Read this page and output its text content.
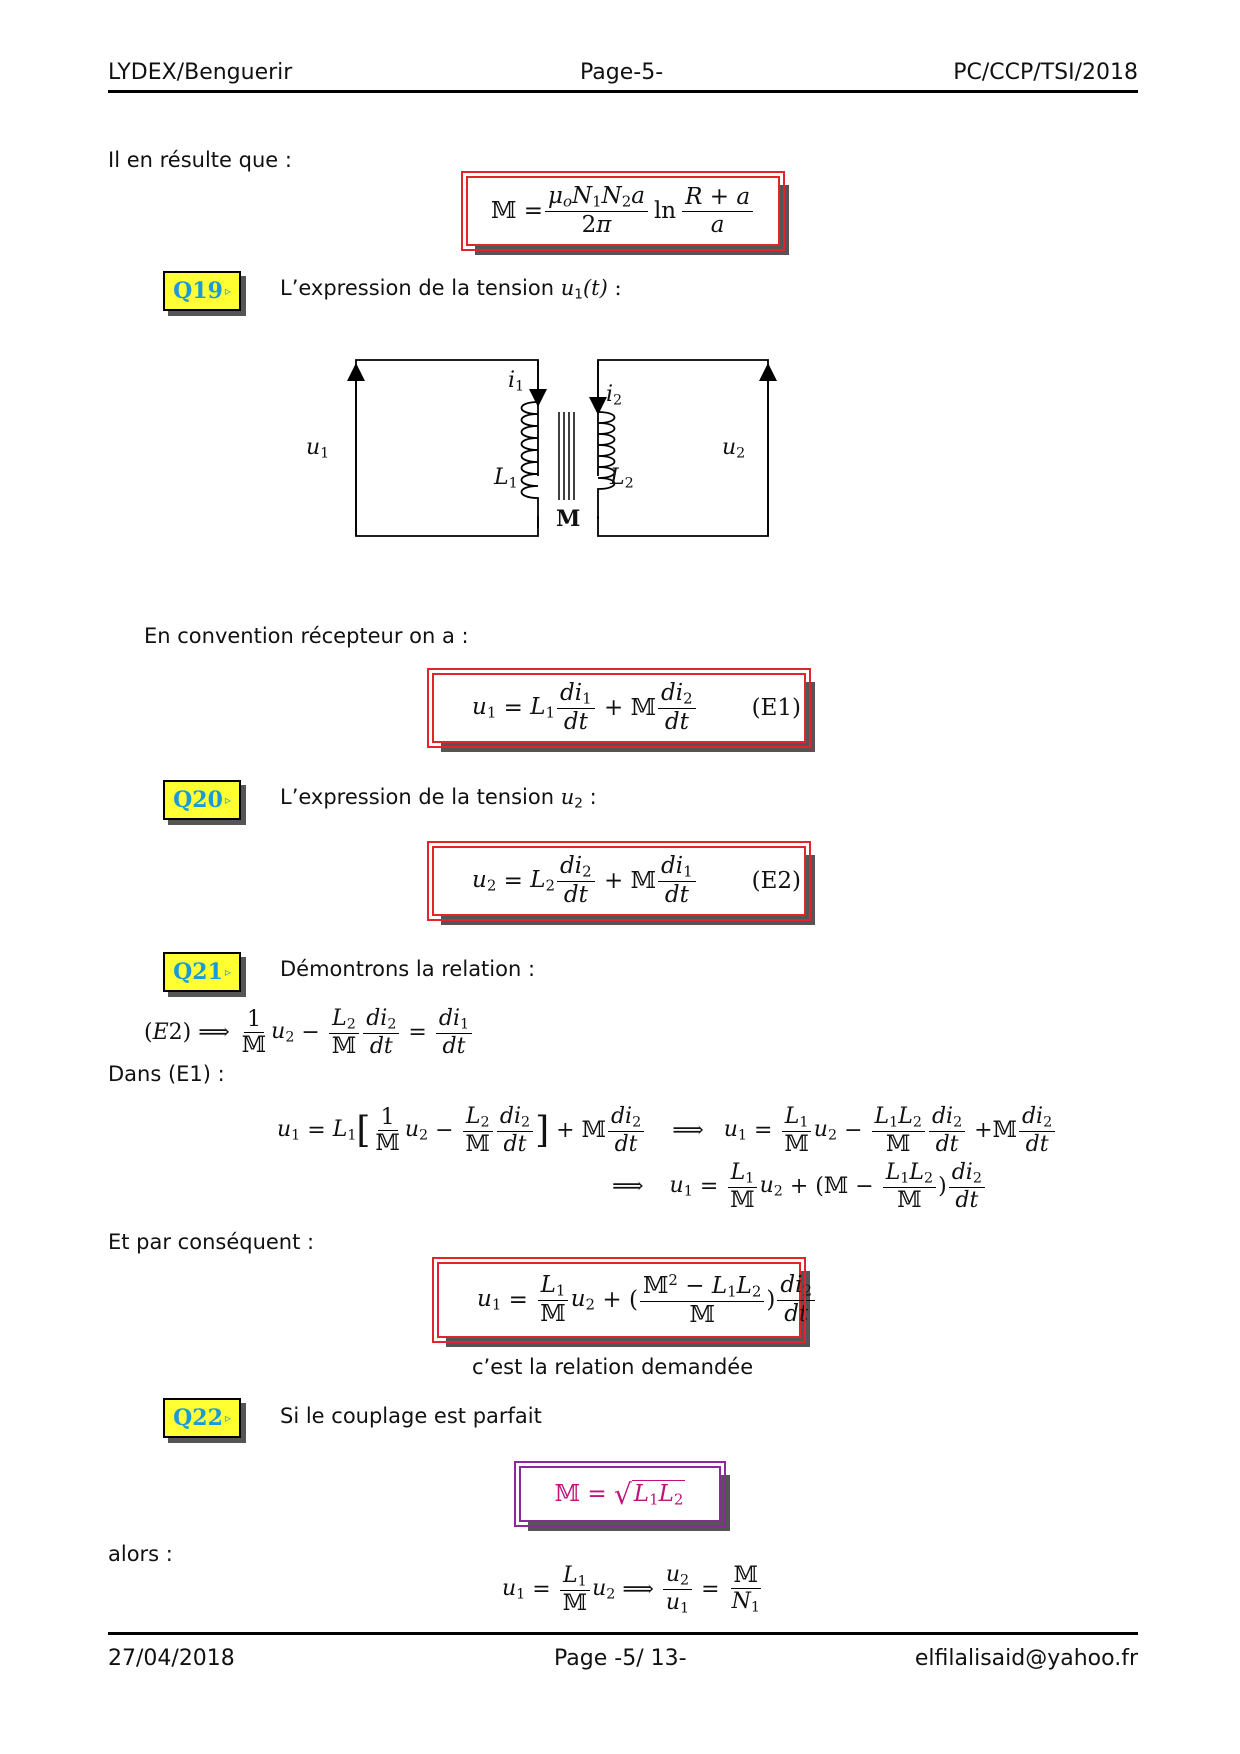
LYDEX/Benguerir	Page-5-	PC/CCP/TSI/2018
Il en résulte que :
𝕄 = $\frac{\mu_oN_1N_2a}{2\pi}$ $\ln \frac{R + a}{a}$
Q19 ▹ L’expression de la tension $u_1(t)$ :
$i_1$	$i_2$
$u_1$	$u_2$
$L_1$	$L_2$
M
En convention récepteur on a :
$u_1 = L_1 \frac{di_1}{dt}$ + 𝕄 $\frac{di_2}{dt} (E1)$
Q20 ▹ L’expression de la tension $u_2$ :
$u_2 = L_2 \frac{di_2}{dt}$ + 𝕄 $\frac{di_1}{dt} (E2)$
Q21 ▹ Démontrons la relation :
(E2) ⟹ $\frac{1}{\text{𝕄}} u_2 - \frac{L_2}{\text{𝕄}} \frac{di_2}{dt} = \frac{di_1}{dt}$
Dans (E1) :
$u_1 = L_1$ [ $\frac{1}{\text{𝕄}} u_2 - \frac{L_2}{\text{𝕄}} \frac{di_2}{dt}$ ] + 𝕄 $\frac{di_2}{dt}$ ⟹ $u_1 = \frac{L_1}{\text{𝕄}} u_2 - \frac{L_1L_2}{\text{𝕄}} \frac{di_2}{dt}$ + 𝕄 $\frac{di_2}{dt}$
⟹ $u_1 = \frac{L_1}{\text{𝕄}} u_2$ + ( 𝕄 − $\frac{L_1L_2}{\text{𝕄}}$ ) $\frac{di_2}{dt}$
Et par conséquent :
$u_1 = \frac{L_1}{\text{𝕄}} u_2$ + ( $\frac{𝕄^2 - L_1L_2}{\text{𝕄}}$ ) $\frac{di_2}{dt}$
c’est la relation demandée
Q22 ▹ Si le couplage est parfait
𝕄 = √ $L_1L_2$
alors :
$u_1 = \frac{L_1}{\text{𝕄}} u_2$ ⟹ $\frac{u_2}{u_1} = \frac{\text{𝕄}}{N_1}$
27/04/2018	Page -5/ 13-	elfilalisaid@yahoo.fr
